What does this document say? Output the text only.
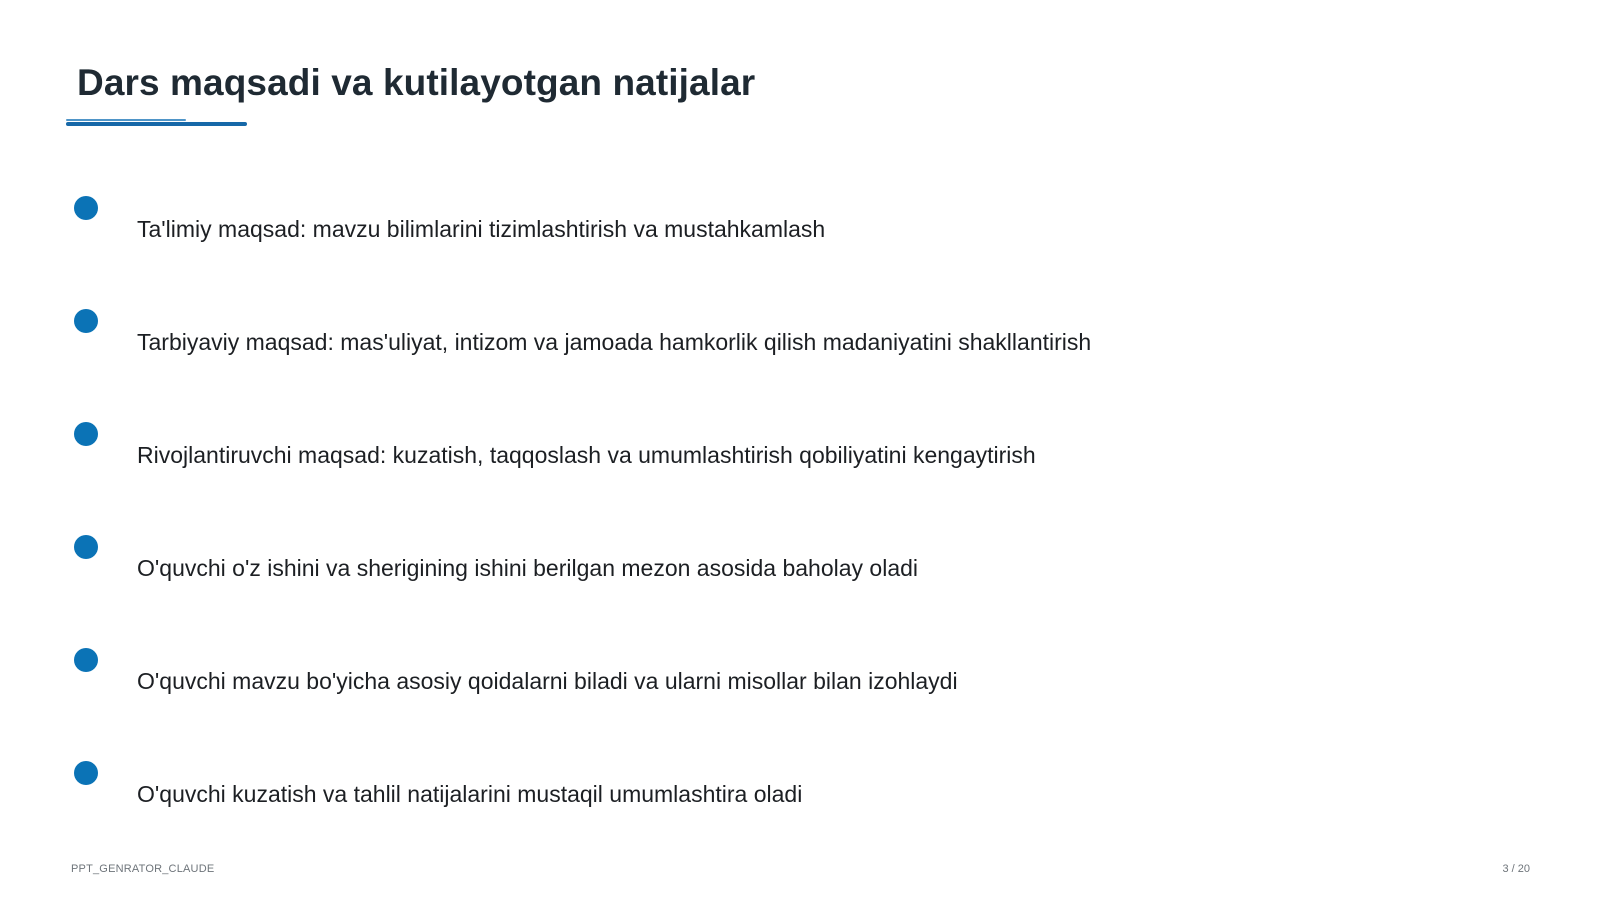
Dars maqsadi va kutilayotgan natijalar
Ta'limiy maqsad: mavzu bilimlarini tizimlashtirish va mustahkamlash
Tarbiyaviy maqsad: mas'uliyat, intizom va jamoada hamkorlik qilish madaniyatini shakllantirish
Rivojlantiruvchi maqsad: kuzatish, taqqoslash va umumlashtirish qobiliyatini kengaytirish
O'quvchi o'z ishini va sherigining ishini berilgan mezon asosida baholay oladi
O'quvchi mavzu bo'yicha asosiy qoidalarni biladi va ularni misollar bilan izohlaydi
O'quvchi kuzatish va tahlil natijalarini mustaqil umumlashtira oladi
PPT_GENRATOR_CLAUDE	3 / 20
